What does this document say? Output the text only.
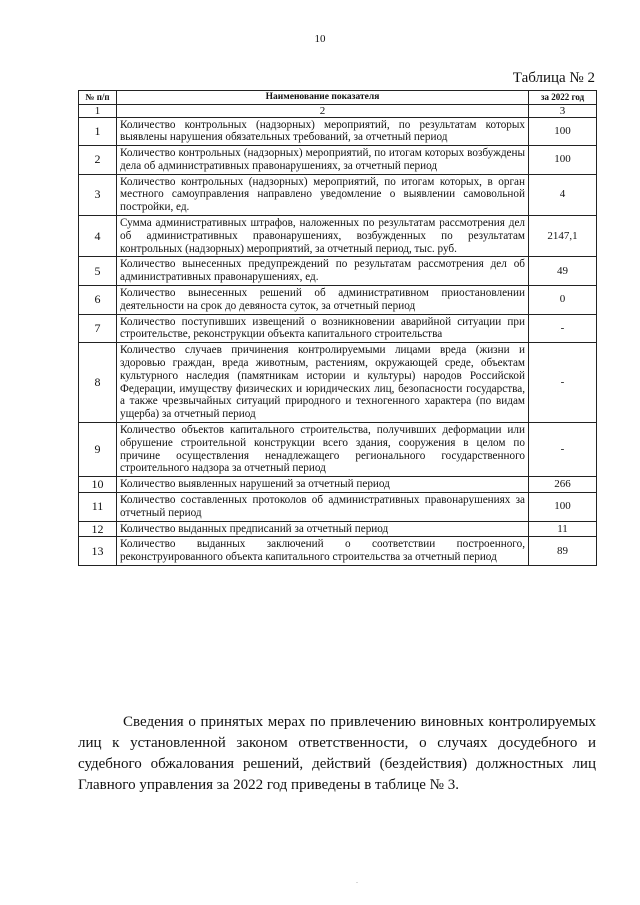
10
Таблица № 2
№ п/п	Наименование показателя	за 2022 год
1	2	3
1	Количество контрольных (надзорных) мероприятий, по результатам которых выявлены нарушения обязательных требований, за отчетный период	100
2	Количество контрольных (надзорных) мероприятий, по итогам которых возбуждены дела об административных правонарушениях, за отчетный период	100
3	Количество контрольных (надзорных) мероприятий, по итогам которых, в орган местного самоуправления направлено уведомление о выявлении самовольной постройки, ед.	4
4	Сумма административных штрафов, наложенных по результатам рассмотрения дел об административных правонарушениях, возбужденных по результатам контрольных (надзорных) мероприятий, за отчетный период, тыс. руб.	2147,1
5	Количество вынесенных предупреждений по результатам рассмотрения дел об административных правонарушениях, ед.	49
6	Количество вынесенных решений об административном приостановлении деятельности на срок до девяноста суток, за отчетный период	0
7	Количество поступивших извещений о возникновении аварийной ситуации при строительстве, реконструкции объекта капитального строительства	-
8	Количество случаев причинения контролируемыми лицами вреда (жизни и здоровью граждан, вреда животным, растениям, окружающей среде, объектам культурного наследия (памятникам истории и культуры) народов Российской Федерации, имуществу физических и юридических лиц, безопасности государства, а также чрезвычайных ситуаций природного и техногенного характера (по видам ущерба) за отчетный период	-
9	Количество объектов капитального строительства, получивших деформации или обрушение строительной конструкции всего здания, сооружения в целом по причине осуществления ненадлежащего регионального государственного строительного надзора за отчетный период	-
10	Количество выявленных нарушений за отчетный период	266
11	Количество составленных протоколов об административных правонарушениях за отчетный период	100
12	Количество выданных предписаний за отчетный период	11
13	Количество выданных заключений о соответствии построенного, реконструированного объекта капитального строительства за отчетный период	89
Сведения о принятых мерах по привлечению виновных контролируемых лиц к установленной законом ответственности, о случаях досудебного и судебного обжалования решений, действий (бездействия) должностных лиц Главного управления за 2022 год приведены в таблице № 3.
.
